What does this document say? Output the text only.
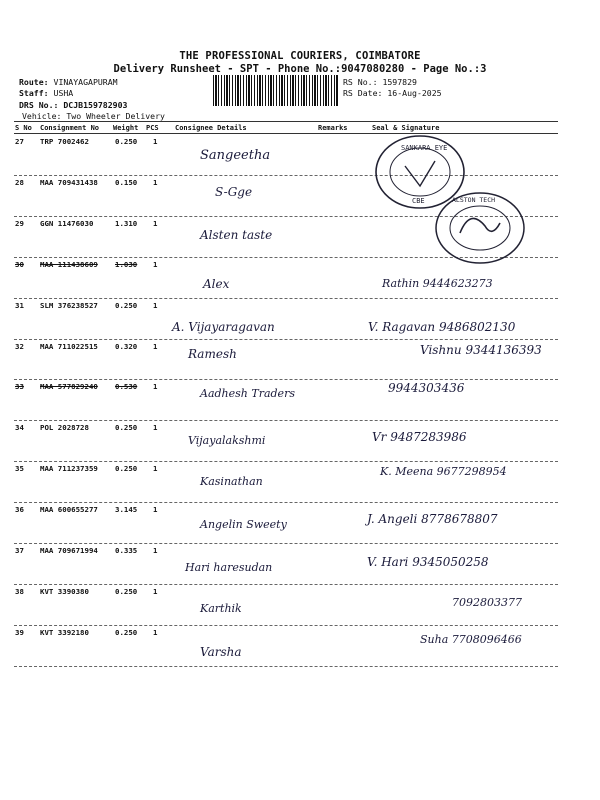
THE PROFESSIONAL COURIERS, COIMBATORE
Delivery Runsheet - SPT - Phone No.:9047080280 - Page No.:3
Route: VINAYAGAPURAM
Staff: USHA
DRS No.: DCJB159782903
Vehicle: Two Wheeler Delivery
RS No.: 1597829
RS Date: 16-Aug-2025
S No Consignment No Weight PCS Consignee Details	Remarks	Seal & Signature
27 TRP 7002462	0.250 1
Sangeetha
28 MAA 709431438 0.150 1
S-Gge
29 GGN 11476030	1.310 1
Alsten taste
30 MAA 111438609 1.030 1
Alex	Rathin 9444623273
31 SLM 376238527 0.250 1
A. Vijayaragavan	V. Ragavan 9486802130
32 MAA 711022515 0.320 1
Ramesh	Vishnu 9344136393
33 MAA 577829240 0.530 1
Aadhesh Traders	9944303436
34 POL 2028728	0.250 1
Vijayalakshmi	Vr 9487283986
35 MAA 711237359 0.250 1
Kasinathan
K. Meena 9677298954
36 MAA 600655277 3.145 1
Angelin Sweety	J. Angeli 8778678807
37 MAA 709671994 0.335 1
Hari haresudan	V. Hari 9345050258
38 KVT 3390380	0.250 1
Karthik	7092803377
39 KVT 3392180	0.250 1
Varsha
Suha 7708096466
SANKARA EYE
CBE	ALSTON TECH
